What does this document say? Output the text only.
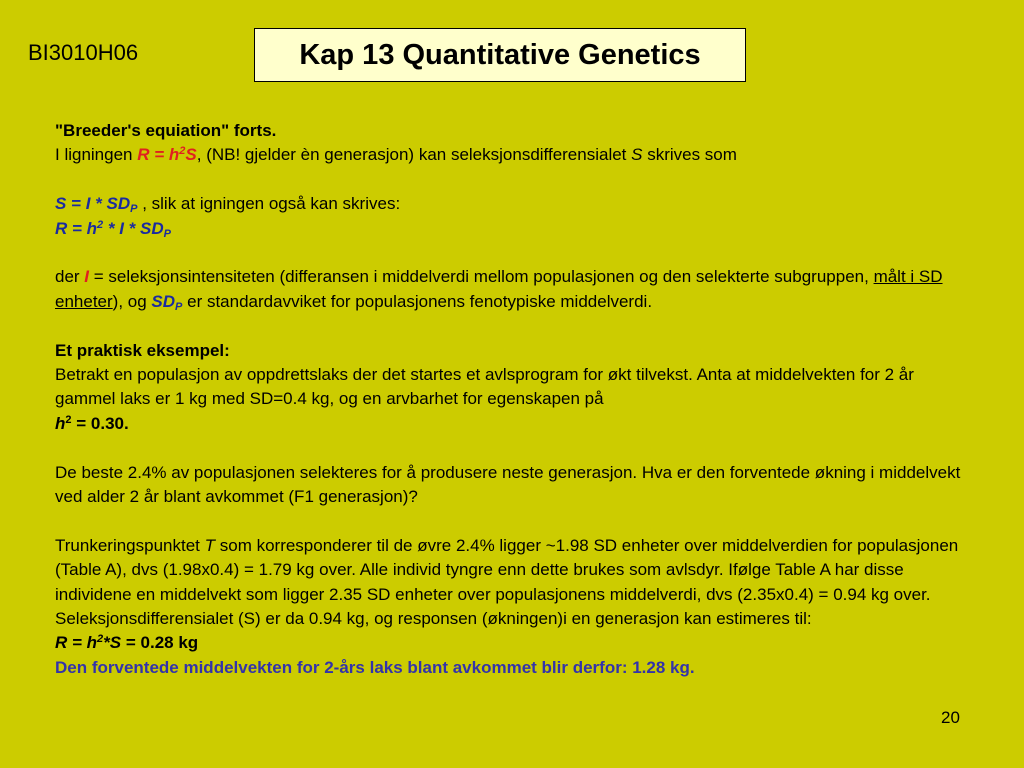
BI3010H06	Kap 13 Quantitative Genetics

"Breeder's equiation" forts.

I ligningen $R = h^2S$, (NB! gjelder èn generasjon) kan seleksjonsdifferensialet S skrives som

$S = I * SD_P$ , slik at igningen også kan skrives:

$R = h^2 * I * SD_P$

der I = seleksjonsintensiteten (differansen i middelverdi mellom populasjonen og den selekterte subgruppen, målt i SD enheter), og $SD_P$ er standardavviket for populasjonens fenotypiske middelverdi.

Et praktisk eksempel:

Betrakt en populasjon av oppdrettslaks der det startes et avlsprogram for økt tilvekst. Anta at middelvekten for 2 år gammel laks er 1 kg med SD=0.4 kg, og en arvbarhet for egenskapen på

$h^2 = 0.30$.

De beste 2.4% av populasjonen selekteres for å produsere neste generasjon. Hva er den forventede økning i middelvekt ved alder 2 år blant avkommet (F1 generasjon)?

Trunkeringspunktet T som korresponderer til de øvre 2.4% ligger ~1.98 SD enheter over middelverdien for populasjonen (Table A), dvs (1.98x0.4) = 1.79 kg over. Alle individ tyngre enn dette brukes som avlsdyr. Ifølge Table A har disse individene en middelvekt som ligger 2.35 SD enheter over populasjonens middelverdi, dvs (2.35x0.4) = 0.94 kg over. Seleksjonsdifferensialet (S) er da 0.94 kg, og responsen (økningen)i en generasjon kan estimeres til:

$R = h^2*S = 0.28$ kg

Den forventede middelvekten for 2-års laks blant avkommet blir derfor: 1.28 kg.

20
